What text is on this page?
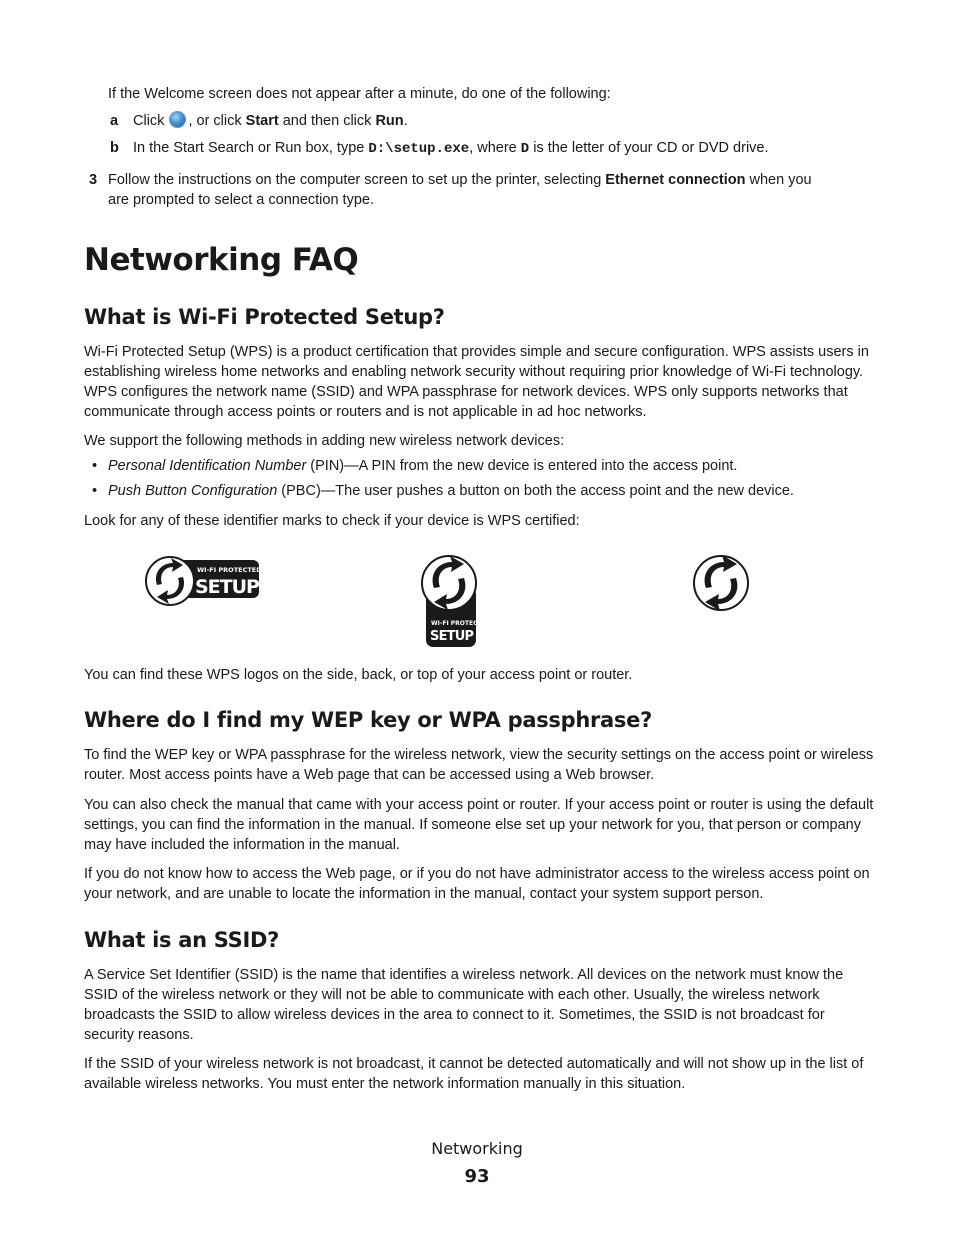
If the Welcome screen does not appear after a minute, do one of the following:

a Click , or click Start and then click Run.

b In the Start Search or Run box, type D:\setup.exe, where D is the letter of your CD or DVD drive.

3 Follow the instructions on the computer screen to set up the printer, selecting Ethernet connection when you
are prompted to select a connection type.

Networking FAQ
What is Wi-Fi Protected Setup?

Wi-Fi Protected Setup (WPS) is a product certification that provides simple and secure configuration. WPS assists users in establishing wireless home networks and enabling network security without requiring prior knowledge of Wi-Fi technology. WPS configures the network name (SSID) and WPA passphrase for network devices. WPS only supports networks that communicate through access points or routers and is not applicable in ad hoc networks.

We support the following methods in adding new wireless network devices:

• Personal Identification Number (PIN)—A PIN from the new device is entered into the access point.

• Push Button Configuration (PBC)—The user pushes a button on both the access point and the new device.

Look for any of these identifier marks to check if your device is WPS certified:

WI-FI PROTECTED
SETUP
WI-FI PROTECTED
SETUP

You can find these WPS logos on the side, back, or top of your access point or router.

Where do I find my WEP key or WPA passphrase?

To find the WEP key or WPA passphrase for the wireless network, view the security settings on the access point or wireless router. Most access points have a Web page that can be accessed using a Web browser.

You can also check the manual that came with your access point or router. If your access point or router is using the default settings, you can find the information in the manual. If someone else set up your network for you, that person or company may have included the information in the manual.

If you do not know how to access the Web page, or if you do not have administrator access to the wireless access point on your network, and are unable to locate the information in the manual, contact your system support person.

What is an SSID?

A Service Set Identifier (SSID) is the name that identifies a wireless network. All devices on the network must know the SSID of the wireless network or they will not be able to communicate with each other. Usually, the wireless network broadcasts the SSID to allow wireless devices in the area to connect to it. Sometimes, the SSID is not broadcast for security reasons.

If the SSID of your wireless network is not broadcast, it cannot be detected automatically and will not show up in the list of available wireless networks. You must enter the network information manually in this situation.

Networking
93
